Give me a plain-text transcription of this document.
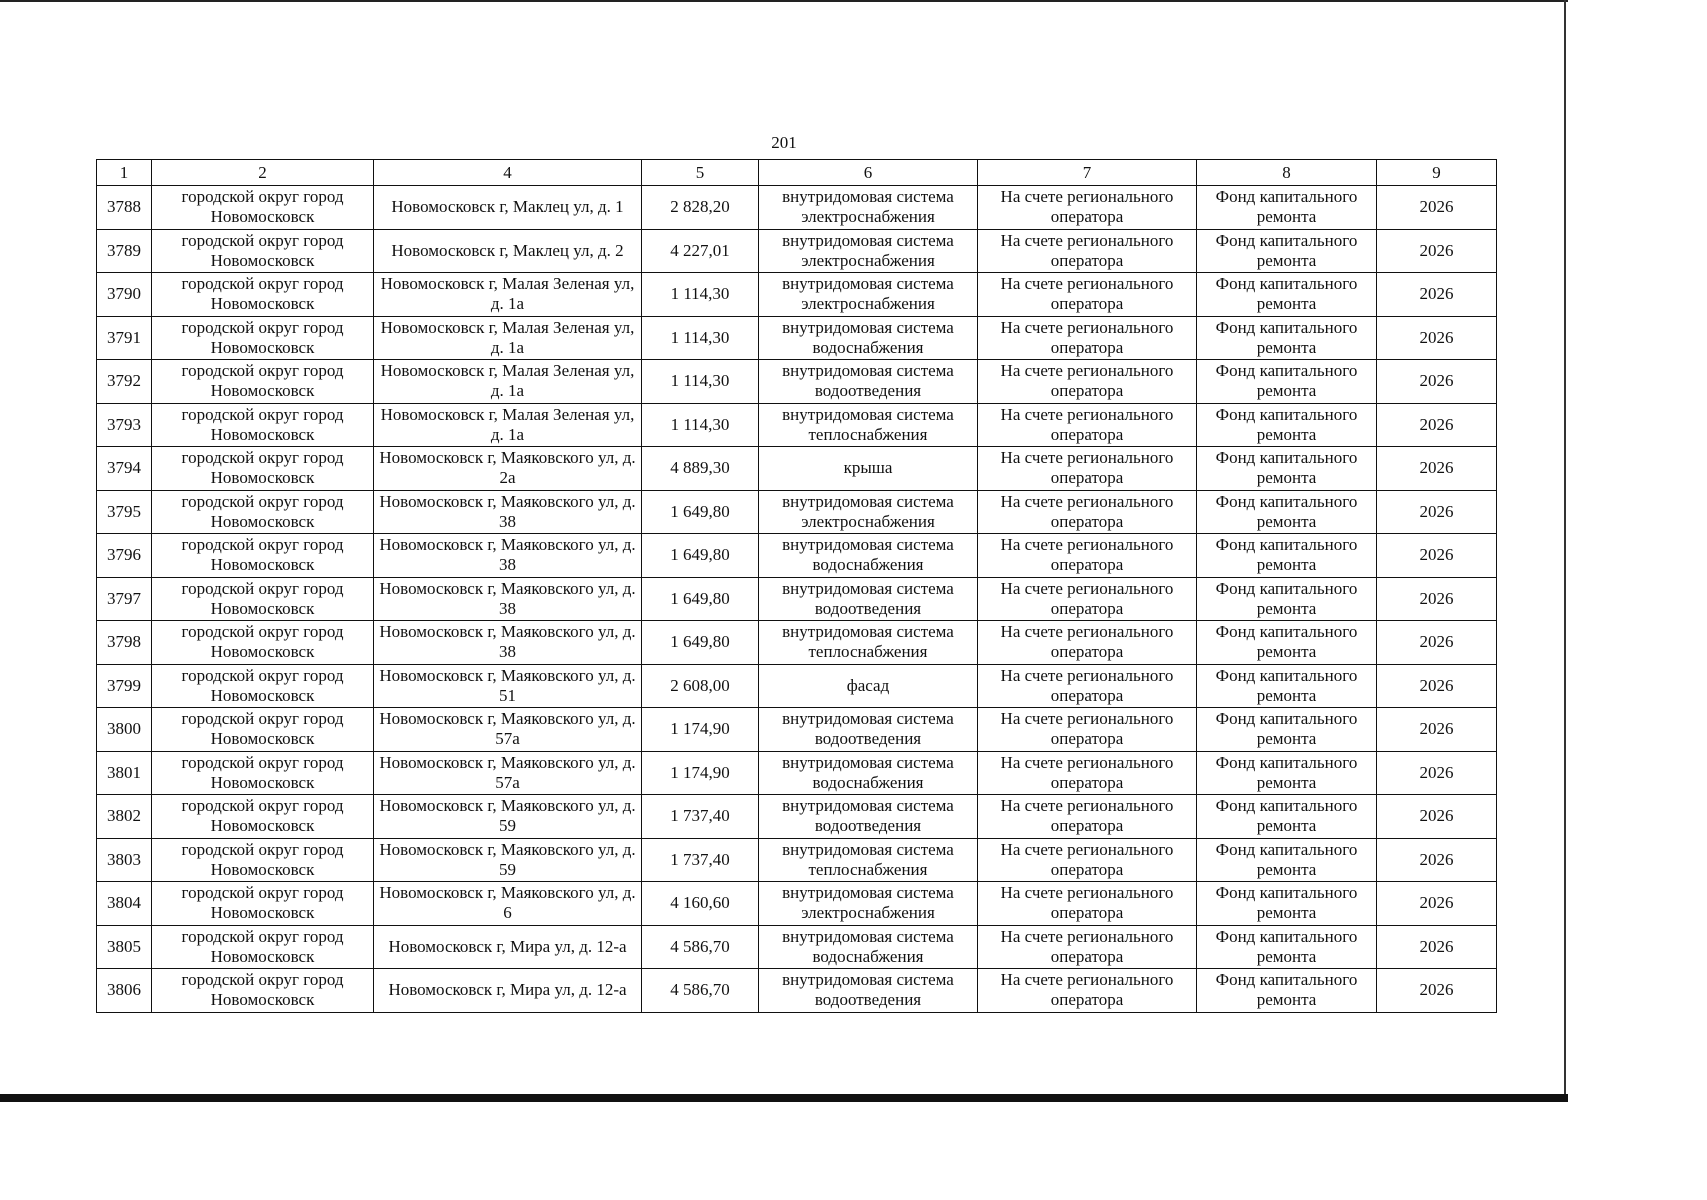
201
1	2	4	5	6	7	8	9
3788	городской округ город Новомосковск	Новомосковск г, Маклец ул, д. 1	2 828,20	внутридомовая система электроснабжения	На счете регионального оператора	Фонд капитального ремонта	2026
3789	городской округ город Новомосковск	Новомосковск г, Маклец ул, д. 2	4 227,01	внутридомовая система электроснабжения	На счете регионального оператора	Фонд капитального ремонта	2026
3790	городской округ город Новомосковск	Новомосковск г, Малая Зеленая ул, д. 1а	1 114,30	внутридомовая система электроснабжения	На счете регионального оператора	Фонд капитального ремонта	2026
3791	городской округ город Новомосковск	Новомосковск г, Малая Зеленая ул, д. 1а	1 114,30	внутридомовая система водоснабжения	На счете регионального оператора	Фонд капитального ремонта	2026
3792	городской округ город Новомосковск	Новомосковск г, Малая Зеленая ул, д. 1а	1 114,30	внутридомовая система водоотведения	На счете регионального оператора	Фонд капитального ремонта	2026
3793	городской округ город Новомосковск	Новомосковск г, Малая Зеленая ул, д. 1а	1 114,30	внутридомовая система теплоснабжения	На счете регионального оператора	Фонд капитального ремонта	2026
3794	городской округ город Новомосковск	Новомосковск г, Маяковского ул, д. 2а	4 889,30	крыша	На счете регионального оператора	Фонд капитального ремонта	2026
3795	городской округ город Новомосковск	Новомосковск г, Маяковского ул, д. 38	1 649,80	внутридомовая система электроснабжения	На счете регионального оператора	Фонд капитального ремонта	2026
3796	городской округ город Новомосковск	Новомосковск г, Маяковского ул, д. 38	1 649,80	внутридомовая система водоснабжения	На счете регионального оператора	Фонд капитального ремонта	2026
3797	городской округ город Новомосковск	Новомосковск г, Маяковского ул, д. 38	1 649,80	внутридомовая система водоотведения	На счете регионального оператора	Фонд капитального ремонта	2026
3798	городской округ город Новомосковск	Новомосковск г, Маяковского ул, д. 38	1 649,80	внутридомовая система теплоснабжения	На счете регионального оператора	Фонд капитального ремонта	2026
3799	городской округ город Новомосковск	Новомосковск г, Маяковского ул, д. 51	2 608,00	фасад	На счете регионального оператора	Фонд капитального ремонта	2026
3800	городской округ город Новомосковск	Новомосковск г, Маяковского ул, д. 57а	1 174,90	внутридомовая система водоотведения	На счете регионального оператора	Фонд капитального ремонта	2026
3801	городской округ город Новомосковск	Новомосковск г, Маяковского ул, д. 57а	1 174,90	внутридомовая система водоснабжения	На счете регионального оператора	Фонд капитального ремонта	2026
3802	городской округ город Новомосковск	Новомосковск г, Маяковского ул, д. 59	1 737,40	внутридомовая система водоотведения	На счете регионального оператора	Фонд капитального ремонта	2026
3803	городской округ город Новомосковск	Новомосковск г, Маяковского ул, д. 59	1 737,40	внутридомовая система теплоснабжения	На счете регионального оператора	Фонд капитального ремонта	2026
3804	городской округ город Новомосковск	Новомосковск г, Маяковского ул, д. 6	4 160,60	внутридомовая система электроснабжения	На счете регионального оператора	Фонд капитального ремонта	2026
3805	городской округ город Новомосковск	Новомосковск г, Мира ул, д. 12-а	4 586,70	внутридомовая система водоснабжения	На счете регионального оператора	Фонд капитального ремонта	2026
3806	городской округ город Новомосковск	Новомосковск г, Мира ул, д. 12-а	4 586,70	внутридомовая система водоотведения	На счете регионального оператора	Фонд капитального ремонта	2026
